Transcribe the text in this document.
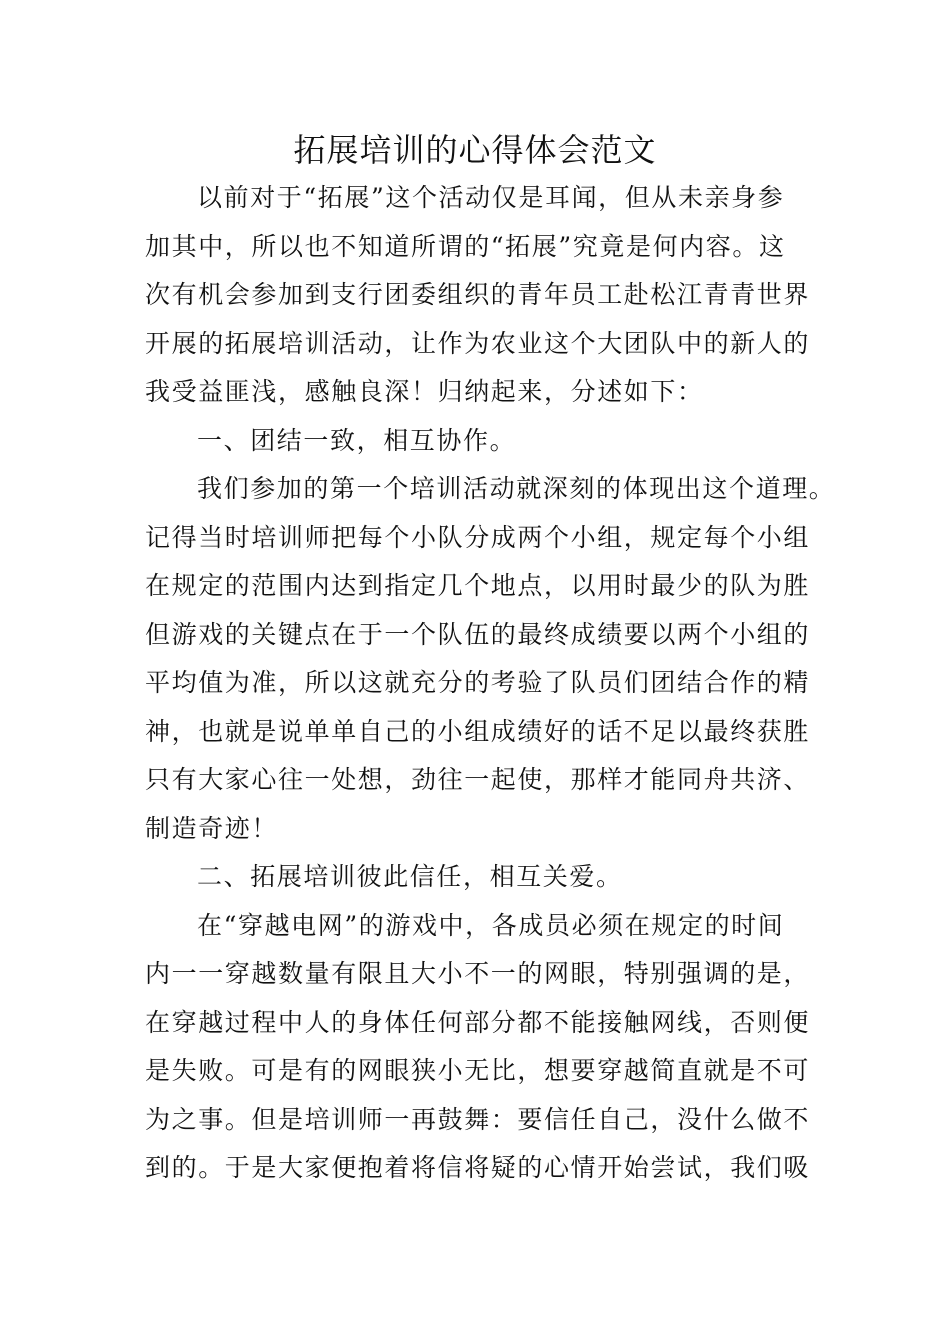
拓展培训的心得体会范文
以前对于“拓展”这个活动仅是耳闻，但从未亲身参
加其中，所以也不知道所谓的“拓展”究竟是何内容。这
次有机会参加到支行团委组织的青年员工赴松江青青世界
开展的拓展培训活动，让作为农业这个大团队中的新人的
我受益匪浅，感触良深！归纳起来，分述如下：
一、团结一致，相互协作。
我们参加的第一个培训活动就深刻的体现出这个道理。
记得当时培训师把每个小队分成两个小组，规定每个小组
在规定的范围内达到指定几个地点，以用时最少的队为胜
但游戏的关键点在于一个队伍的最终成绩要以两个小组的
平均值为准，所以这就充分的考验了队员们团结合作的精
神，也就是说单单自己的小组成绩好的话不足以最终获胜
只有大家心往一处想，劲往一起使，那样才能同舟共济、
制造奇迹！
二、拓展培训彼此信任，相互关爱。
在“穿越电网”的游戏中，各成员必须在规定的时间
内一一穿越数量有限且大小不一的网眼，特别强调的是，
在穿越过程中人的身体任何部分都不能接触网线，否则便
是失败。可是有的网眼狭小无比，想要穿越简直就是不可
为之事。但是培训师一再鼓舞：要信任自己，没什么做不
到的。于是大家便抱着将信将疑的心情开始尝试，我们吸
